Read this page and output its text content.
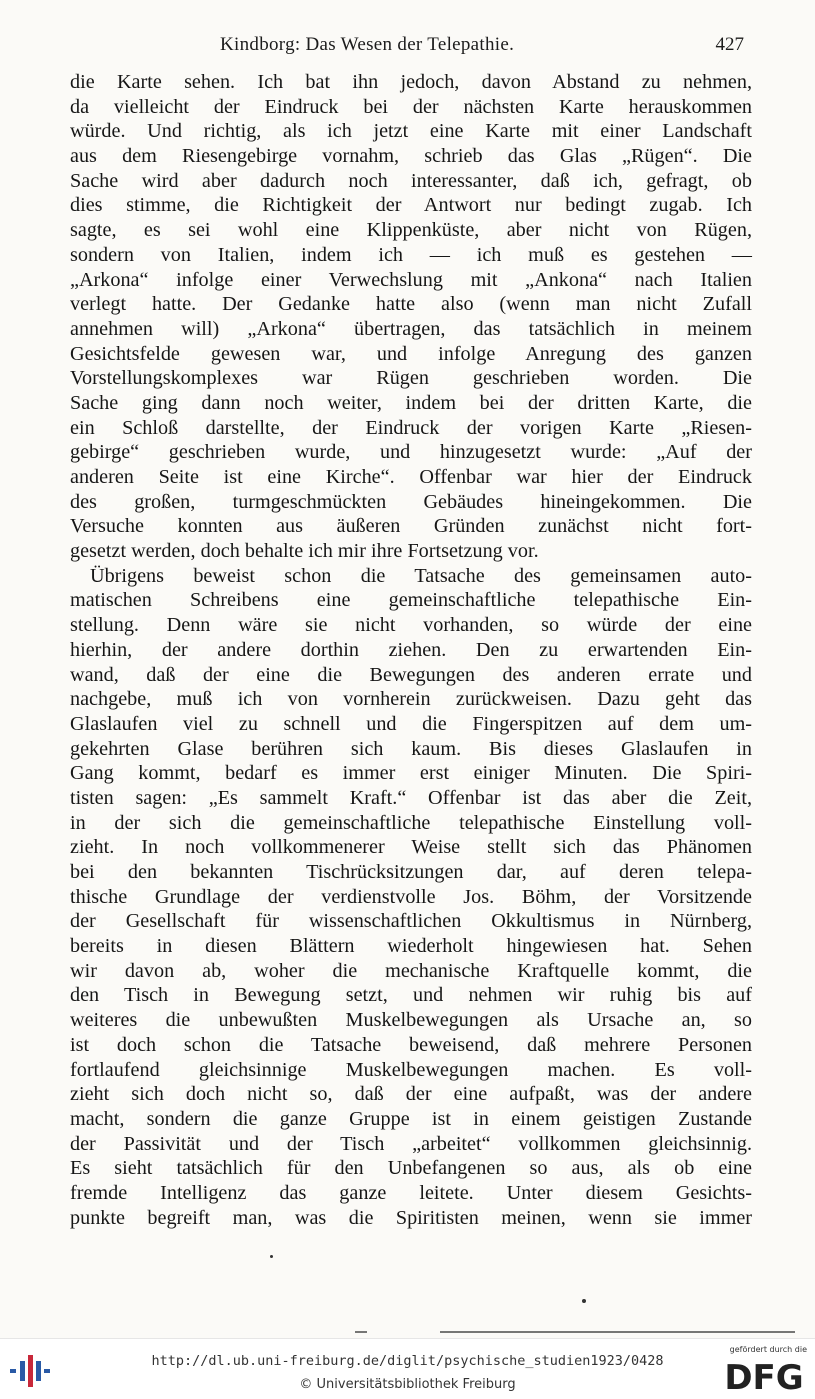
Kindborg: Das Wesen der Telepathie.	427
die Karte sehen. Ich bat ihn jedoch, davon Abstand zu nehmen,
da vielleicht der Eindruck bei der nächsten Karte herauskommen
würde. Und richtig, als ich jetzt eine Karte mit einer Landschaft
aus dem Riesengebirge vornahm, schrieb das Glas „Rügen“. Die
Sache wird aber dadurch noch interessanter, daß ich, gefragt, ob
dies stimme, die Richtigkeit der Antwort nur bedingt zugab. Ich
sagte, es sei wohl eine Klippenküste, aber nicht von Rügen,
sondern von Italien, indem ich — ich muß es gestehen —
„Arkona“ infolge einer Verwechslung mit „Ankona“ nach Italien
verlegt hatte. Der Gedanke hatte also (wenn man nicht Zufall
annehmen will) „Arkona“ übertragen, das tatsächlich in meinem
Gesichtsfelde gewesen war, und infolge Anregung des ganzen
Vorstellungskomplexes war Rügen geschrieben worden. Die
Sache ging dann noch weiter, indem bei der dritten Karte, die
ein Schloß darstellte, der Eindruck der vorigen Karte „Riesen-
gebirge“ geschrieben wurde, und hinzugesetzt wurde: „Auf der
anderen Seite ist eine Kirche“. Offenbar war hier der Eindruck
des großen, turmgeschmückten Gebäudes hineingekommen. Die
Versuche konnten aus äußeren Gründen zunächst nicht fort-
gesetzt werden, doch behalte ich mir ihre Fortsetzung vor.
Übrigens beweist schon die Tatsache des gemeinsamen auto-
matischen Schreibens eine gemeinschaftliche telepathische Ein-
stellung. Denn wäre sie nicht vorhanden, so würde der eine
hierhin, der andere dorthin ziehen. Den zu erwartenden Ein-
wand, daß der eine die Bewegungen des anderen errate und
nachgebe, muß ich von vornherein zurückweisen. Dazu geht das
Glaslaufen viel zu schnell und die Fingerspitzen auf dem um-
gekehrten Glase berühren sich kaum. Bis dieses Glaslaufen in
Gang kommt, bedarf es immer erst einiger Minuten. Die Spiri-
tisten sagen: „Es sammelt Kraft.“ Offenbar ist das aber die Zeit,
in der sich die gemeinschaftliche telepathische Einstellung voll-
zieht. In noch vollkommenerer Weise stellt sich das Phänomen
bei den bekannten Tischrücksitzungen dar, auf deren telepa-
thische Grundlage der verdienstvolle Jos. Böhm, der Vorsitzende
der Gesellschaft für wissenschaftlichen Okkultismus in Nürnberg,
bereits in diesen Blättern wiederholt hingewiesen hat. Sehen
wir davon ab, woher die mechanische Kraftquelle kommt, die
den Tisch in Bewegung setzt, und nehmen wir ruhig bis auf
weiteres die unbewußten Muskelbewegungen als Ursache an, so
ist doch schon die Tatsache beweisend, daß mehrere Personen
fortlaufend gleichsinnige Muskelbewegungen machen. Es voll-
zieht sich doch nicht so, daß der eine aufpaßt, was der andere
macht, sondern die ganze Gruppe ist in einem geistigen Zustande
der Passivität und der Tisch „arbeitet“ vollkommen gleichsinnig.
Es sieht tatsächlich für den Unbefangenen so aus, als ob eine
fremde Intelligenz das ganze leitete. Unter diesem Gesichts-
punkte begreift man, was die Spiritisten meinen, wenn sie immer
http://dl.ub.uni-freiburg.de/diglit/psychische_studien1923/0428
© Universitätsbibliothek Freiburg
gefördert durch die
DFG
